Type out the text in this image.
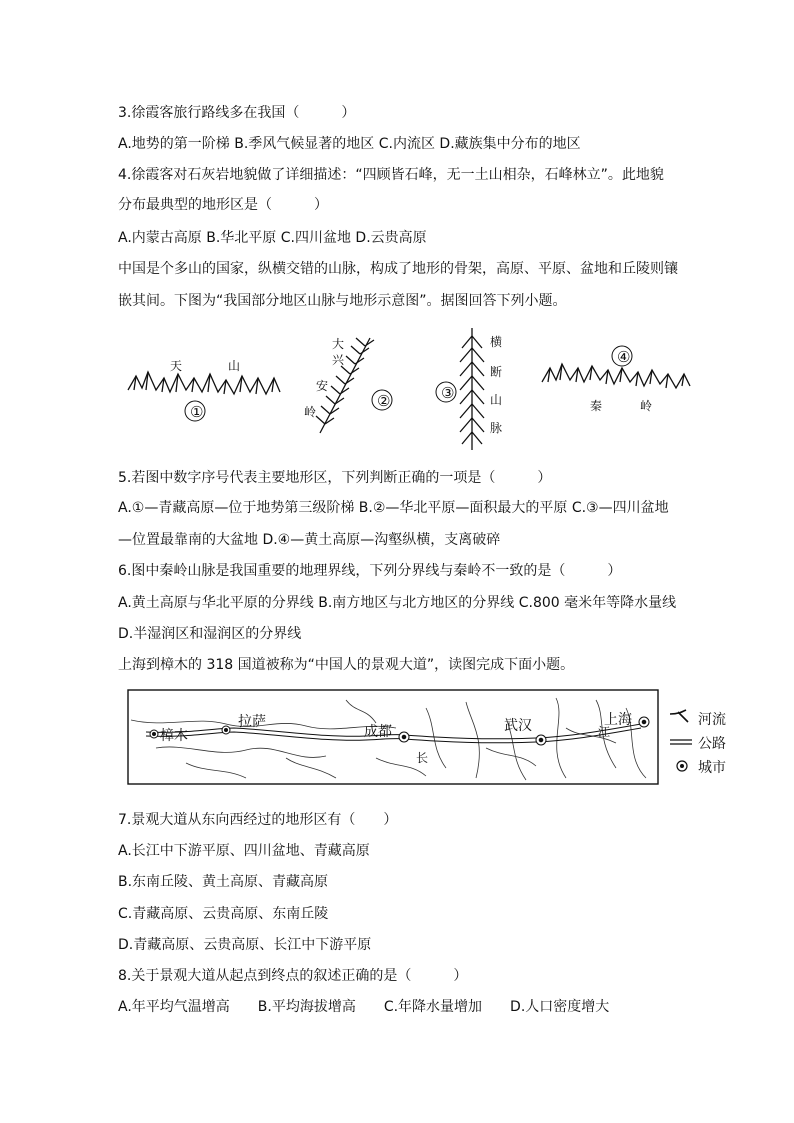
3.徐霞客旅行路线多在我国（　　　）
A.地势的第一阶梯 B.季风气候显著的地区 C.内流区 D.藏族集中分布的地区
4.徐霞客对石灰岩地貌做了详细描述：“四顾皆石峰，无一土山相杂，石峰林立”。此地貌
分布最典型的地形区是（　　　）
A.内蒙古高原 B.华北平原 C.四川盆地 D.云贵高原
中国是个多山的国家，纵横交错的山脉，构成了地形的骨架，高原、平原、盆地和丘陵则镶
嵌其间。下图为“我国部分地区山脉与地形示意图”。据图回答下列小题。
天	山
①
大
兴
安
岭
②
横
断
山
脉
③
④
秦	岭
5.若图中数字序号代表主要地形区，下列判断正确的一项是（　　　）
A.①—青藏高原—位于地势第三级阶梯 B.②—华北平原—面积最大的平原 C.③—四川盆地
—位置最靠南的大盆地 D.④—黄土高原—沟壑纵横，支离破碎
6.图中秦岭山脉是我国重要的地理界线，下列分界线与秦岭不一致的是（　　　）
A.黄土高原与华北平原的分界线 B.南方地区与北方地区的分界线 C.800 毫米年等降水量线
D.半湿润区和湿润区的分界线
上海到樟木的 318 国道被称为“中国人的景观大道”，读图完成下面小题。
樟木
拉萨
成都	武汉	上海
长
江
河流
公路
城市
7.景观大道从东向西经过的地形区有（　　）
A.长江中下游平原、四川盆地、青藏高原
B.东南丘陵、黄土高原、青藏高原
C.青藏高原、云贵高原、东南丘陵
D.青藏高原、云贵高原、长江中下游平原
8.关于景观大道从起点到终点的叙述正确的是（　　　）
A.年平均气温增高　　B.平均海拔增高　　C.年降水量增加　　D.人口密度增大
